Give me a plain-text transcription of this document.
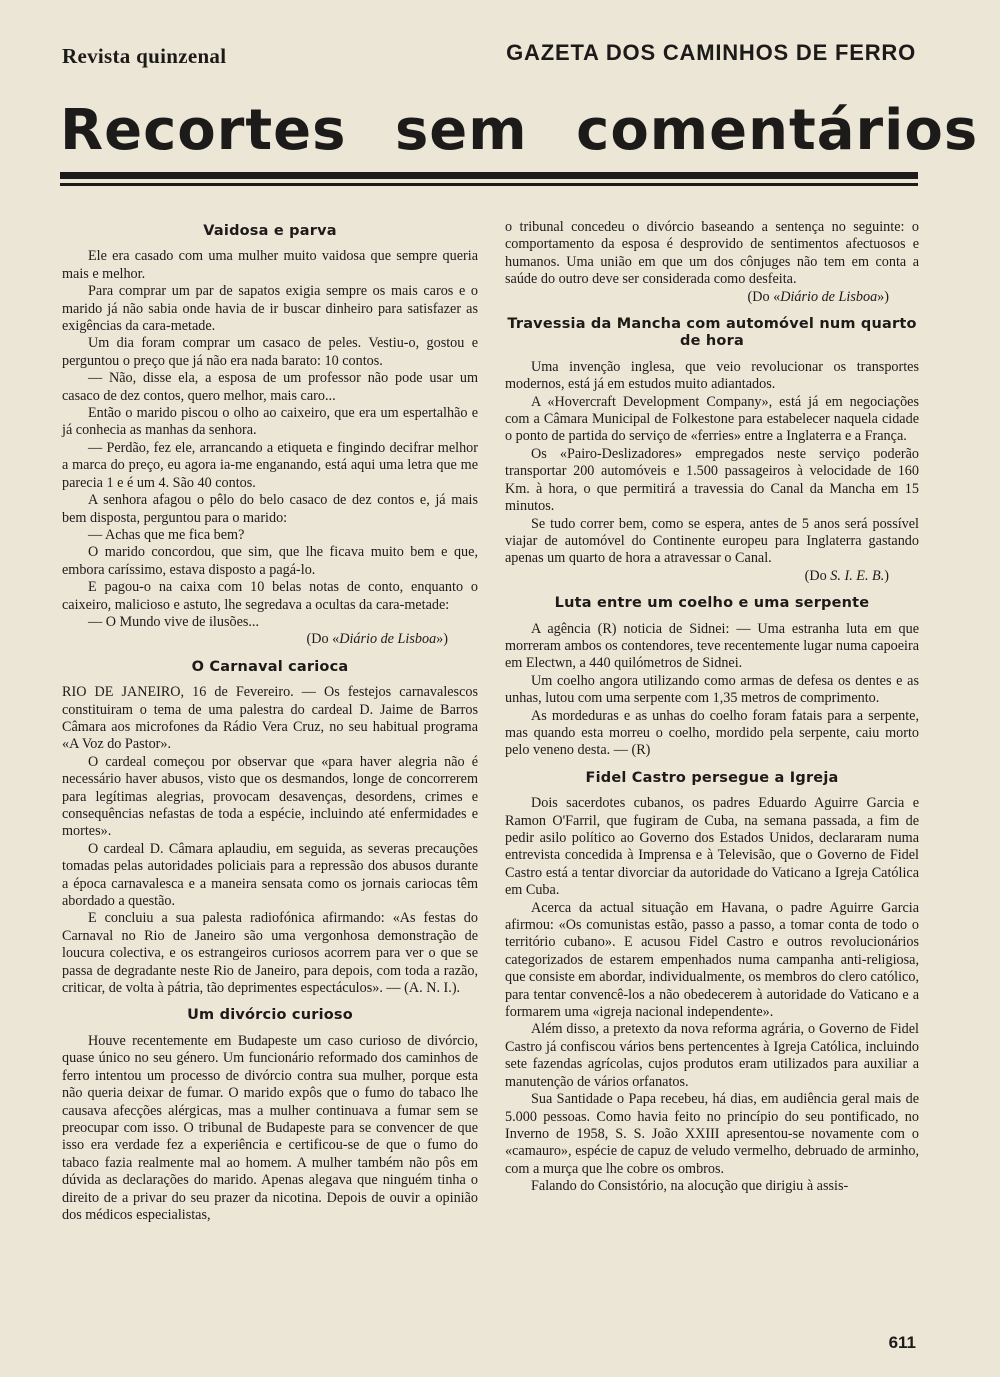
Revista quinzenal	GAZETA DOS CAMINHOS DE FERRO
Recortes sem comentários
Vaidosa e parva

Ele era casado com uma mulher muito vaidosa que sempre queria mais e melhor.

Para comprar um par de sapatos exigia sempre os mais caros e o marido já não sabia onde havia de ir buscar dinheiro para satisfazer as exigências da cara-metade.

Um dia foram comprar um casaco de peles. Vestiu-o, gostou e perguntou o preço que já não era nada barato: 10 contos.

— Não, disse ela, a esposa de um professor não pode usar um casaco de dez contos, quero melhor, mais caro...

Então o marido piscou o olho ao caixeiro, que era um espertalhão e já conhecia as manhas da senhora.

— Perdão, fez ele, arrancando a etiqueta e fingindo decifrar melhor a marca do preço, eu agora ia-me enganando, está aqui uma letra que me parecia 1 e é um 4. São 40 contos.

A senhora afagou o pêlo do belo casaco de dez contos e, já mais bem disposta, perguntou para o marido:

— Achas que me fica bem?

O marido concordou, que sim, que lhe ficava muito bem e que, embora caríssimo, estava disposto a pagá-lo.

E pagou-o na caixa com 10 belas notas de conto, enquanto o caixeiro, malicioso e astuto, lhe segredava a ocultas da cara-metade:

— O Mundo vive de ilusões...

(Do «Diário de Lisboa»)

O Carnaval carioca

RIO DE JANEIRO, 16 de Fevereiro. — Os festejos carnavalescos constituiram o tema de uma palestra do cardeal D. Jaime de Barros Câmara aos microfones da Rádio Vera Cruz, no seu habitual programa «A Voz do Pastor».

O cardeal começou por observar que «para haver alegria não é necessário haver abusos, visto que os desmandos, longe de concorrerem para legítimas alegrias, provocam desavenças, desordens, crimes e consequências nefastas de toda a espécie, incluindo até enfermidades e mortes».

O cardeal D. Câmara aplaudiu, em seguida, as severas precauções tomadas pelas autoridades policiais para a repressão dos abusos durante a época carnavalesca e a maneira sensata como os jornais cariocas têm abordado a questão.

E concluiu a sua palesta radiofónica afirmando: «As festas do Carnaval no Rio de Janeiro são uma vergonhosa demonstração de loucura colectiva, e os estrangeiros curiosos acorrem para ver o que se passa de degradante neste Rio de Janeiro, para depois, com toda a razão, criticar, de volta à pátria, tão deprimentes espectáculos». — (A. N. I.).

Um divórcio curioso

Houve recentemente em Budapeste um caso curioso de divórcio, quase único no seu género. Um funcionário reformado dos caminhos de ferro intentou um processo de divórcio contra sua mulher, porque esta não queria deixar de fumar. O marido expôs que o fumo do tabaco lhe causava afecções alérgicas, mas a mulher continuava a fumar sem se preocupar com isso. O tribunal de Budapeste para se convencer de que isso era verdade fez a experiência e certificou-se de que o fumo do tabaco fazia realmente mal ao homem. A mulher também não pôs em dúvida as declarações do marido. Apenas alegava que ninguém tinha o direito de a privar do seu prazer da nicotina. Depois de ouvir a opinião dos médicos especialistas,

o tribunal concedeu o divórcio baseando a sentença no seguinte: o comportamento da esposa é desprovido de sentimentos afectuosos e humanos. Uma união em que um dos cônjuges não tem em conta a saúde do outro deve ser considerada como desfeita.

(Do «Diário de Lisboa»)

Travessia da Mancha com automóvel num quarto de hora

Uma invenção inglesa, que veio revolucionar os transportes modernos, está já em estudos muito adiantados.

A «Hovercraft Development Company», está já em negociações com a Câmara Municipal de Folkestone para estabelecer naquela cidade o ponto de partida do serviço de «ferries» entre a Inglaterra e a França.

Os «Pairo-Deslizadores» empregados neste serviço poderão transportar 200 automóveis e 1.500 passageiros à velocidade de 160 Km. à hora, o que permitirá a travessia do Canal da Mancha em 15 minutos.

Se tudo correr bem, como se espera, antes de 5 anos será possível viajar de automóvel do Continente europeu para Inglaterra gastando apenas um quarto de hora a atravessar o Canal.

(Do S. I. E. B.)

Luta entre um coelho e uma serpente

A agência (R) noticia de Sidnei: — Uma estranha luta em que morreram ambos os contendores, teve recentemente lugar numa capoeira em Electwn, a 440 quilómetros de Sidnei.

Um coelho angora utilizando como armas de defesa os dentes e as unhas, lutou com uma serpente com 1,35 metros de comprimento.

As mordeduras e as unhas do coelho foram fatais para a serpente, mas quando esta morreu o coelho, mordido pela serpente, caiu morto pelo veneno desta. — (R)

Fidel Castro persegue a Igreja

Dois sacerdotes cubanos, os padres Eduardo Aguirre Garcia e Ramon O'Farril, que fugiram de Cuba, na semana passada, a fim de pedir asilo político ao Governo dos Estados Unidos, declararam numa entrevista concedida à Imprensa e à Televisão, que o Governo de Fidel Castro está a tentar divorciar da autoridade do Vaticano a Igreja Católica em Cuba.

Acerca da actual situação em Havana, o padre Aguirre Garcia afirmou: «Os comunistas estão, passo a passo, a tomar conta de todo o território cubano». E acusou Fidel Castro e outros revolucionários categorizados de estarem empenhados numa campanha anti-religiosa, que consiste em abordar, individualmente, os membros do clero católico, para tentar convencê-los a não obedecerem à autoridade do Vaticano e a formarem uma «igreja nacional independente».

Além disso, a pretexto da nova reforma agrária, o Governo de Fidel Castro já confiscou vários bens pertencentes à Igreja Católica, incluindo sete fazendas agrícolas, cujos produtos eram utilizados para auxiliar a manutenção de vários orfanatos.

Sua Santidade o Papa recebeu, há dias, em audiência geral mais de 5.000 pessoas. Como havia feito no princípio do seu pontificado, no Inverno de 1958, S. S. João XXIII apresentou-se novamente com o «camauro», espécie de capuz de veludo vermelho, debruado de arminho, com a murça que lhe cobre os ombros.

Falando do Consistório, na alocução que dirigiu à assis-

611
